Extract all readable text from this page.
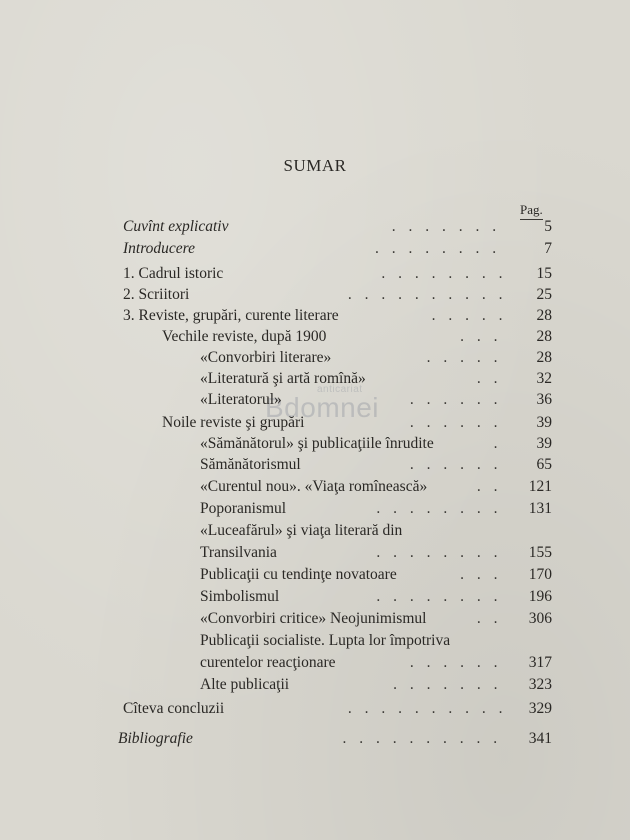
SUMAR
Pag.
anticariat
Bdomnei
Cuvînt explicativ	. . . . . . .	5
Introducere	. . . . . . . .	7
1. Cadrul istoric	. . . . . . . .	15
2. Scriitori	. . . . . . . . . .	25
3. Reviste, grupări, curente literare	. . . . .	28
Vechile reviste, după 1900	. . .	28
«Convorbiri literare»	. . . . .	28
«Literatură şi artă romînă»	. .	32
«Literatorul»	. . . . . .	36
Noile reviste şi grupări	. . . . . .	39
«Sămănătorul» şi publicaţiile înrudite	.	39
Sămănătorismul	. . . . . .	65
«Curentul nou». «Viaţa romînească»	. .	121
Poporanismul	. . . . . . . .	131
«Luceafărul» şi viaţa literară din
Transilvania	. . . . . . . .	155
Publicaţii cu tendinţe novatoare	. . .	170
Simbolismul	. . . . . . . .	196
«Convorbiri critice» Neojunimismul	. .	306
Publicaţii socialiste. Lupta lor împotriva
curentelor reacţionare	. . . . . .	317
Alte publicaţii	. . . . . . .	323
Cîteva concluzii	. . . . . . . . . .	329
Bibliografie	. . . . . . . . . .	341
